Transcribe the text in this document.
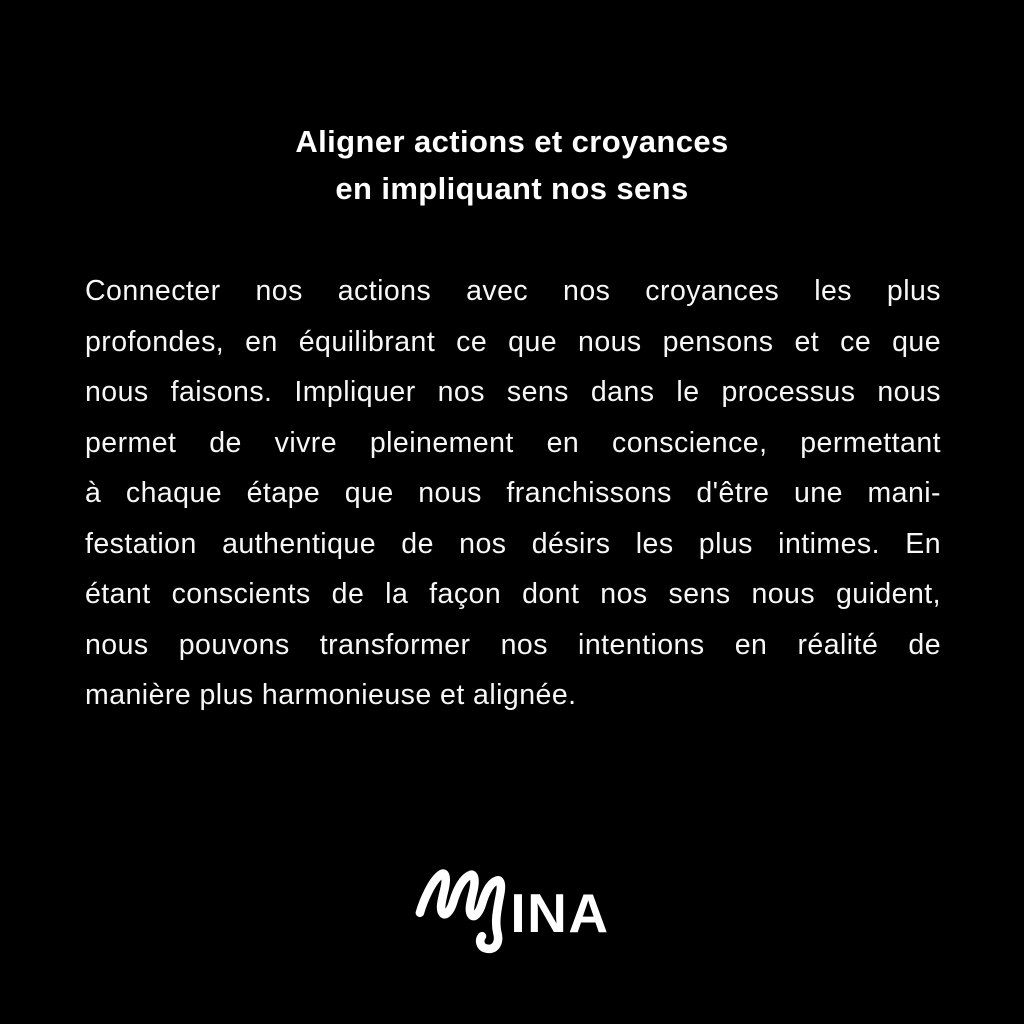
Aligner actions et croyances
en impliquant nos sens
Connecter nos actions avec nos croyances les plus
profondes, en équilibrant ce que nous pensons et ce que
nous faisons. Impliquer nos sens dans le processus nous
permet de vivre pleinement en conscience, permettant
à chaque étape que nous franchissons d'être une mani-
festation authentique de nos désirs les plus intimes. En
étant conscients de la façon dont nos sens nous guident,
nous pouvons transformer nos intentions en réalité de
manière plus harmonieuse et alignée.
INA
